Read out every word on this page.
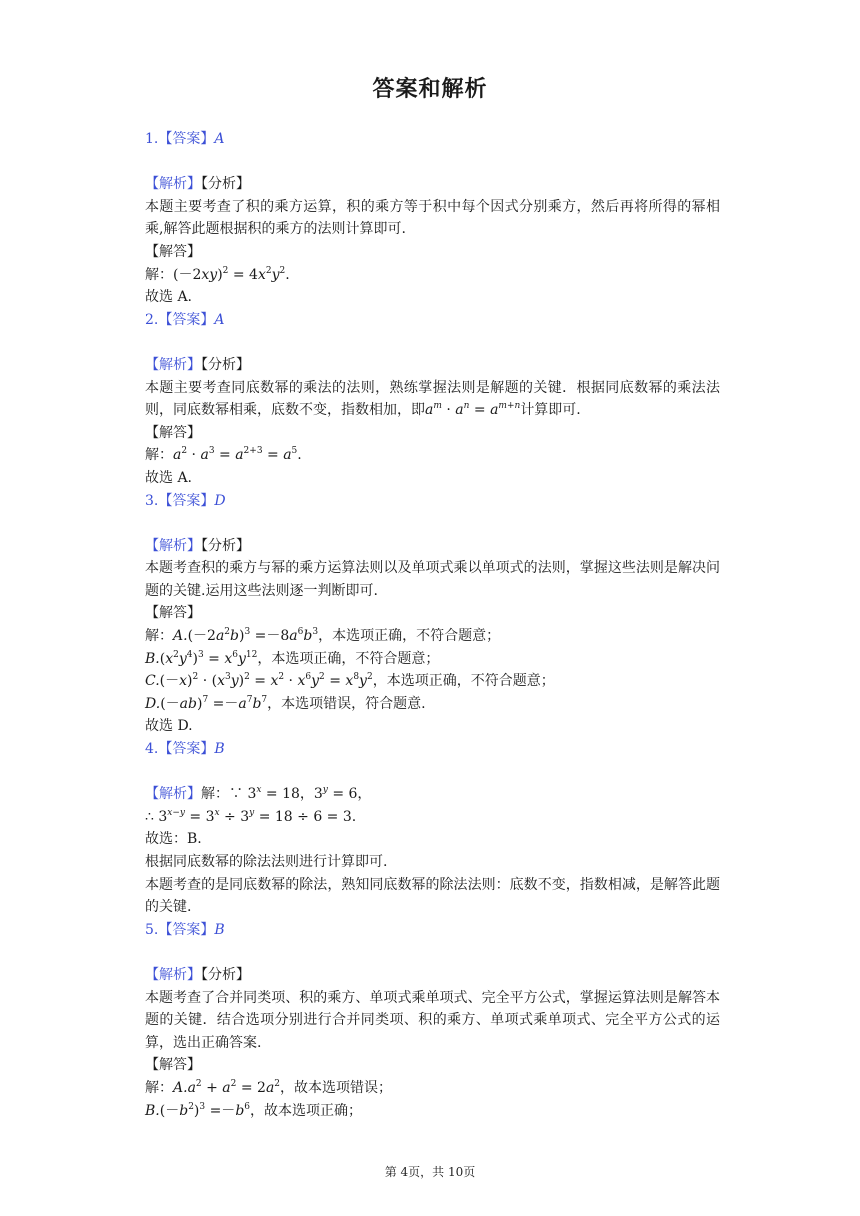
答案和解析
1.【答案】A
【解析】【分析】
本题主要考查了积的乘方运算，积的乘方等于积中每个因式分别乘方，然后再将所得的幂相乘,解答此题根据积的乘方的法则计算即可.
【解答】
解：$(-2xy)^2 = 4x^2y^2$.
故选 A.
2.【答案】A
【解析】【分析】
本题主要考查同底数幂的乘法的法则，熟练掌握法则是解题的关键．根据同底数幂的乘法法则，同底数幂相乘，底数不变，指数相加，即$a^m \cdot a^n = a^{m+n}$计算即可.
【解答】
解：$a^2 \cdot a^3 = a^{2+3} = a^5$.
故选 A.
3.【答案】D
【解析】【分析】
本题考查积的乘方与幂的乘方运算法则以及单项式乘以单项式的法则，掌握这些法则是解决问题的关键.运用这些法则逐一判断即可.
【解答】
解：$A.(-2a^2b)^3 =-8a^6b^3$，本选项正确，不符合题意；
$B.(x^2y^4)^3 = x^6y^{12}$，本选项正确，不符合题意；
$C.(-x)^2 \cdot (x^3y)^2 = x^2 \cdot x^6y^2 = x^8y^2$，本选项正确，不符合题意；
$D.(-ab)^7 =-a^7b^7$，本选项错误，符合题意.
故选 D.
4.【答案】B
【解析】解：∵ $3^x = 18$，$3^y = 6$，
∴ $3^{x-y} = 3^x \div 3^y = 18 \div 6 = 3$.
故选：B.
根据同底数幂的除法法则进行计算即可.
本题考查的是同底数幂的除法，熟知同底数幂的除法法则：底数不变，指数相减，是解答此题的关键.
5.【答案】B
【解析】【分析】
本题考查了合并同类项、积的乘方、单项式乘单项式、完全平方公式，掌握运算法则是解答本题的关键．结合选项分别进行合并同类项、积的乘方、单项式乘单项式、完全平方公式的运算，选出正确答案.
【解答】
解：$A.a^2 + a^2 = 2a^2$，故本选项错误；
$B.(-b^2)^3 =-b^6$，故本选项正确；
第 4页，共 10页
